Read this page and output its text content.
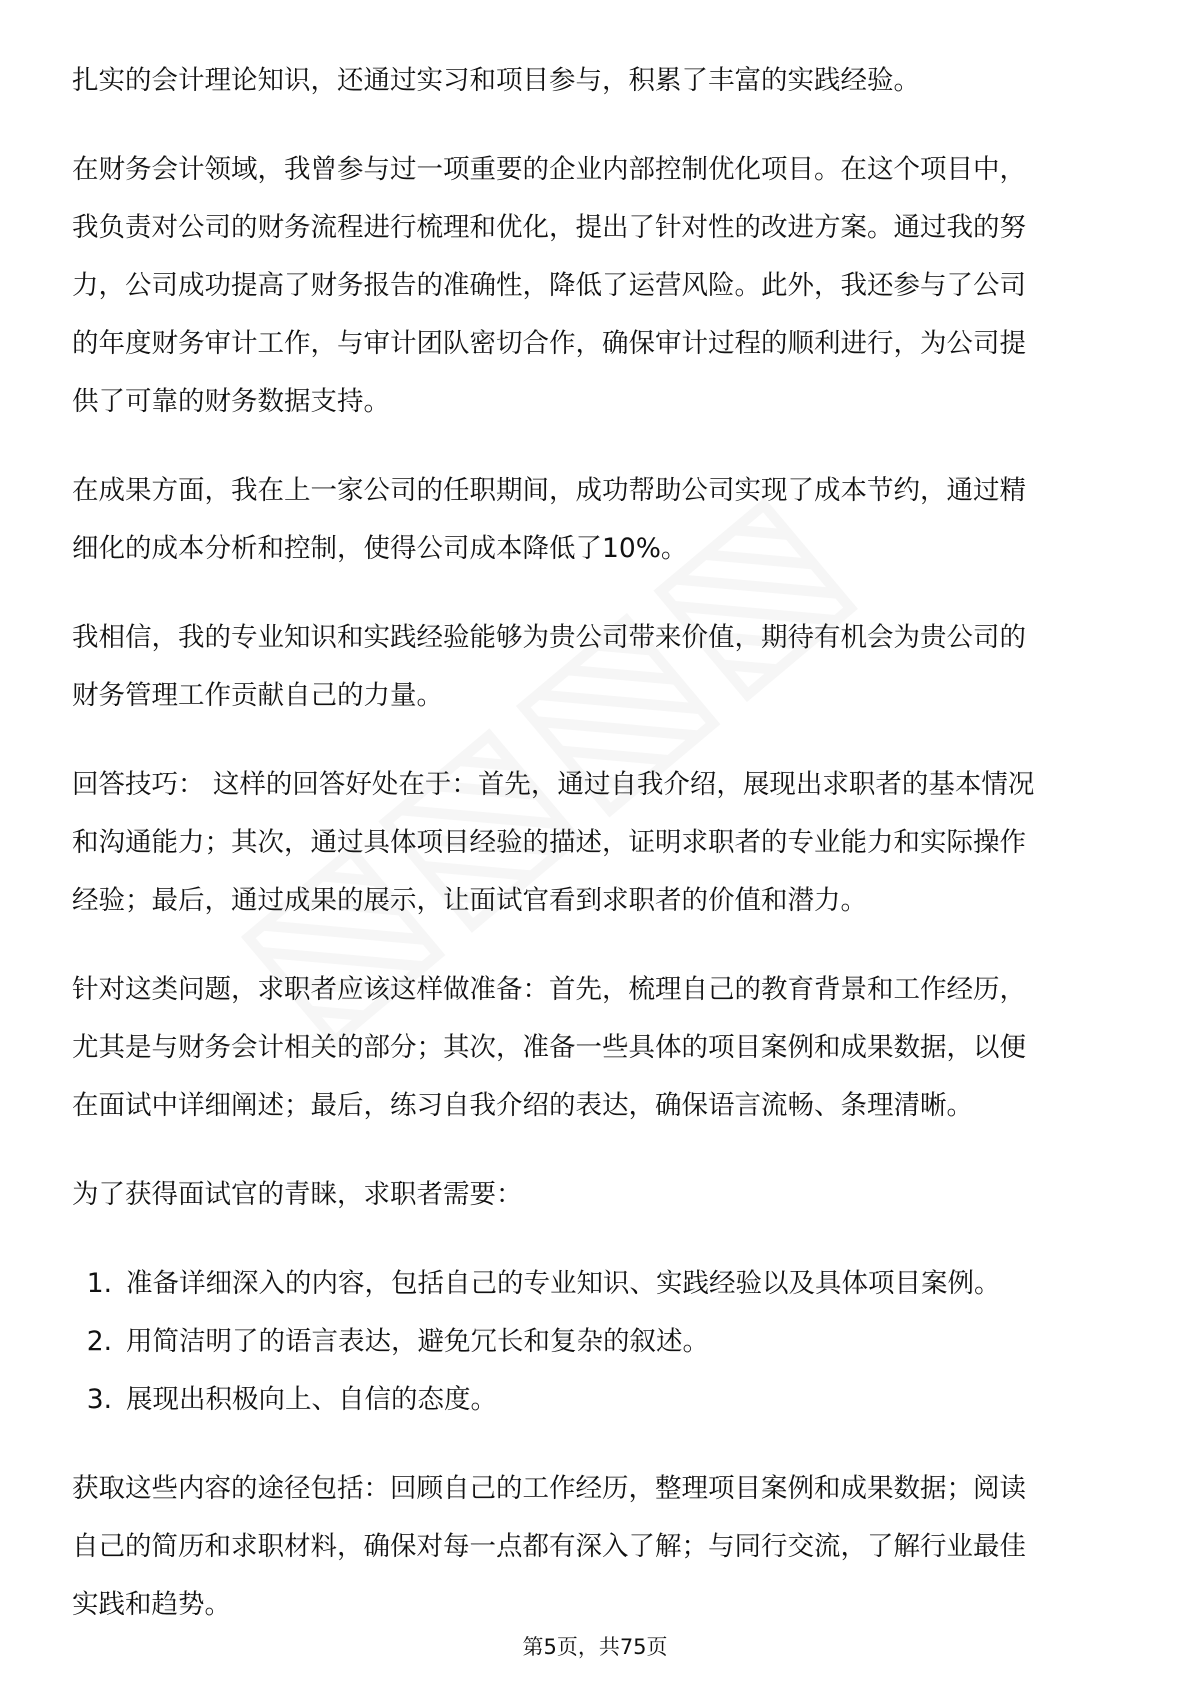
扎实的会计理论知识，还通过实习和项目参与，积累了丰富的实践经验。

在财务会计领域，我曾参与过一项重要的企业内部控制优化项目。在这个项目中，
我负责对公司的财务流程进行梳理和优化，提出了针对性的改进方案。通过我的努
力，公司成功提高了财务报告的准确性，降低了运营风险。此外，我还参与了公司
的年度财务审计工作，与审计团队密切合作，确保审计过程的顺利进行，为公司提
供了可靠的财务数据支持。

在成果方面，我在上一家公司的任职期间，成功帮助公司实现了成本节约，通过精
细化的成本分析和控制，使得公司成本降低了10%。

我相信，我的专业知识和实践经验能够为贵公司带来价值，期待有机会为贵公司的
财务管理工作贡献自己的力量。

回答技巧： 这样的回答好处在于：首先，通过自我介绍，展现出求职者的基本情况
和沟通能力；其次，通过具体项目经验的描述，证明求职者的专业能力和实际操作
经验；最后，通过成果的展示，让面试官看到求职者的价值和潜力。

针对这类问题，求职者应该这样做准备：首先，梳理自己的教育背景和工作经历，
尤其是与财务会计相关的部分；其次，准备一些具体的项目案例和成果数据，以便
在面试中详细阐述；最后，练习自我介绍的表达，确保语言流畅、条理清晰。

为了获得面试官的青睐，求职者需要：

1. 准备详细深入的内容，包括自己的专业知识、实践经验以及具体项目案例。
2. 用简洁明了的语言表达，避免冗长和复杂的叙述。
3. 展现出积极向上、自信的态度。

获取这些内容的途径包括：回顾自己的工作经历，整理项目案例和成果数据；阅读
自己的简历和求职材料，确保对每一点都有深入了解；与同行交流，了解行业最佳
实践和趋势。

第5页，共75页
